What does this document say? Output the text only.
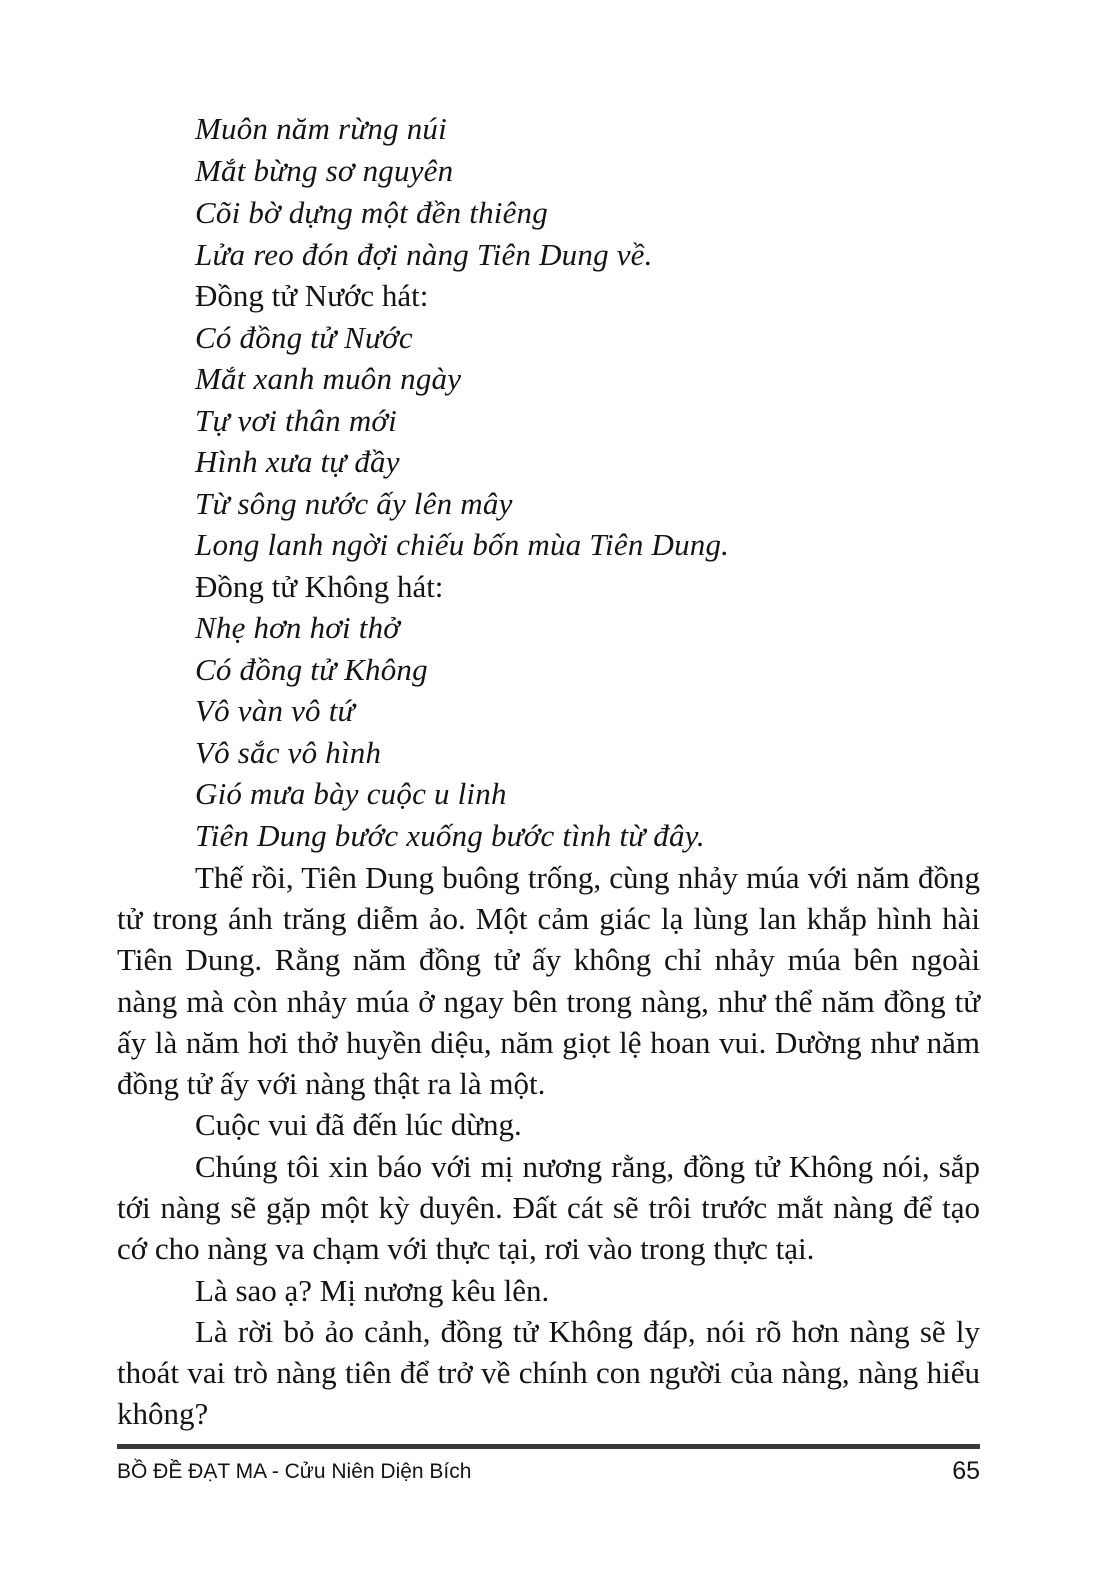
Muôn năm rừng núi
Mắt bừng sơ nguyên
Cõi bờ dựng một đền thiêng
Lửa reo đón đợi nàng Tiên Dung về.
Đồng tử Nước hát:
Có đồng tử Nước
Mắt xanh muôn ngày
Tự vơi thân mới
Hình xưa tự đầy
Từ sông nước ấy lên mây
Long lanh ngời chiếu bốn mùa Tiên Dung.
Đồng tử Không hát:
Nhẹ hơn hơi thở
Có đồng tử Không
Vô vàn vô tứ
Vô sắc vô hình
Gió mưa bày cuộc u linh
Tiên Dung bước xuống bước tình từ đây.

Thế rồi, Tiên Dung buông trống, cùng nhảy múa với năm đồng tử trong ánh trăng diễm ảo. Một cảm giác lạ lùng lan khắp hình hài Tiên Dung. Rằng năm đồng tử ấy không chỉ nhảy múa bên ngoài nàng mà còn nhảy múa ở ngay bên trong nàng, như thể năm đồng tử ấy là năm hơi thở huyền diệu, năm giọt lệ hoan vui. Dường như năm đồng tử ấy với nàng thật ra là một.

Cuộc vui đã đến lúc dừng.

Chúng tôi xin báo với mị nương rằng, đồng tử Không nói, sắp tới nàng sẽ gặp một kỳ duyên. Đất cát sẽ trôi trước mắt nàng để tạo cớ cho nàng va chạm với thực tại, rơi vào trong thực tại.

Là sao ạ? Mị nương kêu lên.

Là rời bỏ ảo cảnh, đồng tử Không đáp, nói rõ hơn nàng sẽ ly thoát vai trò nàng tiên để trở về chính con người của nàng, nàng hiểu không?

BỒ ĐỀ ĐẠT MA - Cửu Niên Diện Bích	65
